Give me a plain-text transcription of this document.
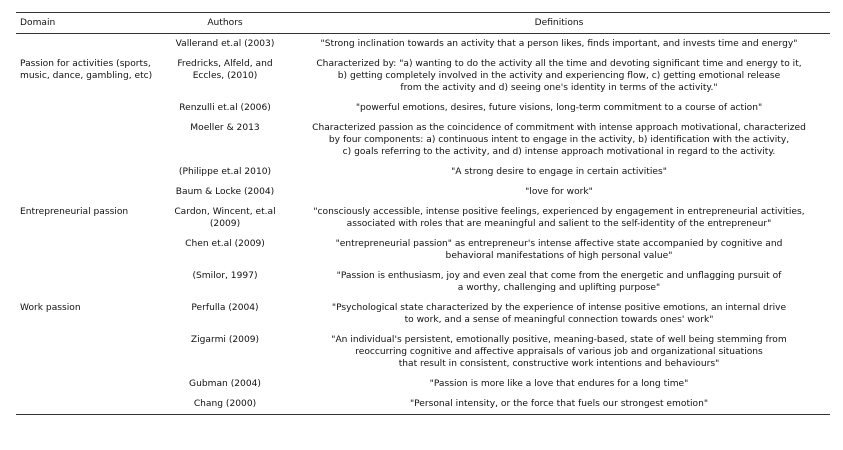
Domain	Authors	Definitions
	Vallerand et.al (2003)	"Strong inclination towards an activity that a person likes, finds important, and invests time and energy"

Passion for activities (sports, music, dance, gambling, etc)	Fredricks, Alfeld, and Eccles, (2010)	Characterized by: "a) wanting to do the activity all the time and devoting significant time and energy to it,
b) getting completely involved in the activity and experiencing flow, c) getting emotional release
from the activity and d) seeing one's identity in terms of the activity."

	Renzulli et.al (2006)	"powerful emotions, desires, future visions, long-term commitment to a course of action"

	Moeller & 2013	Characterized passion as the coincidence of commitment with intense approach motivational, characterized
by four components: a) continuous intent to engage in the activity, b) identification with the activity,
c) goals referring to the activity, and d) intense approach motivational in regard to the activity.

	(Philippe et.al 2010)	"A strong desire to engage in certain activities"

	Baum & Locke (2004)	"love for work"

Entrepreneurial passion	Cardon, Wincent, et.al (2009)	"consciously accessible, intense positive feelings, experienced by engagement in entrepreneurial activities,
associated with roles that are meaningful and salient to the self-identity of the entrepreneur"

	Chen et.al (2009)	"entrepreneurial passion" as entrepreneur's intense affective state accompanied by cognitive and
behavioral manifestations of high personal value"

	(Smilor, 1997)	"Passion is enthusiasm, joy and even zeal that come from the energetic and unflagging pursuit of
a worthy, challenging and uplifting purpose"

Work passion	Perfulla (2004)	"Psychological state characterized by the experience of intense positive emotions, an internal drive
to work, and a sense of meaningful connection towards ones' work"

	Zigarmi (2009)	"An individual's persistent, emotionally positive, meaning-based, state of well being stemming from
reoccurring cognitive and affective appraisals of various job and organizational situations
that result in consistent, constructive work intentions and behaviours"

	Gubman (2004)	"Passion is more like a love that endures for a long time"

	Chang (2000)	"Personal intensity, or the force that fuels our strongest emotion"
